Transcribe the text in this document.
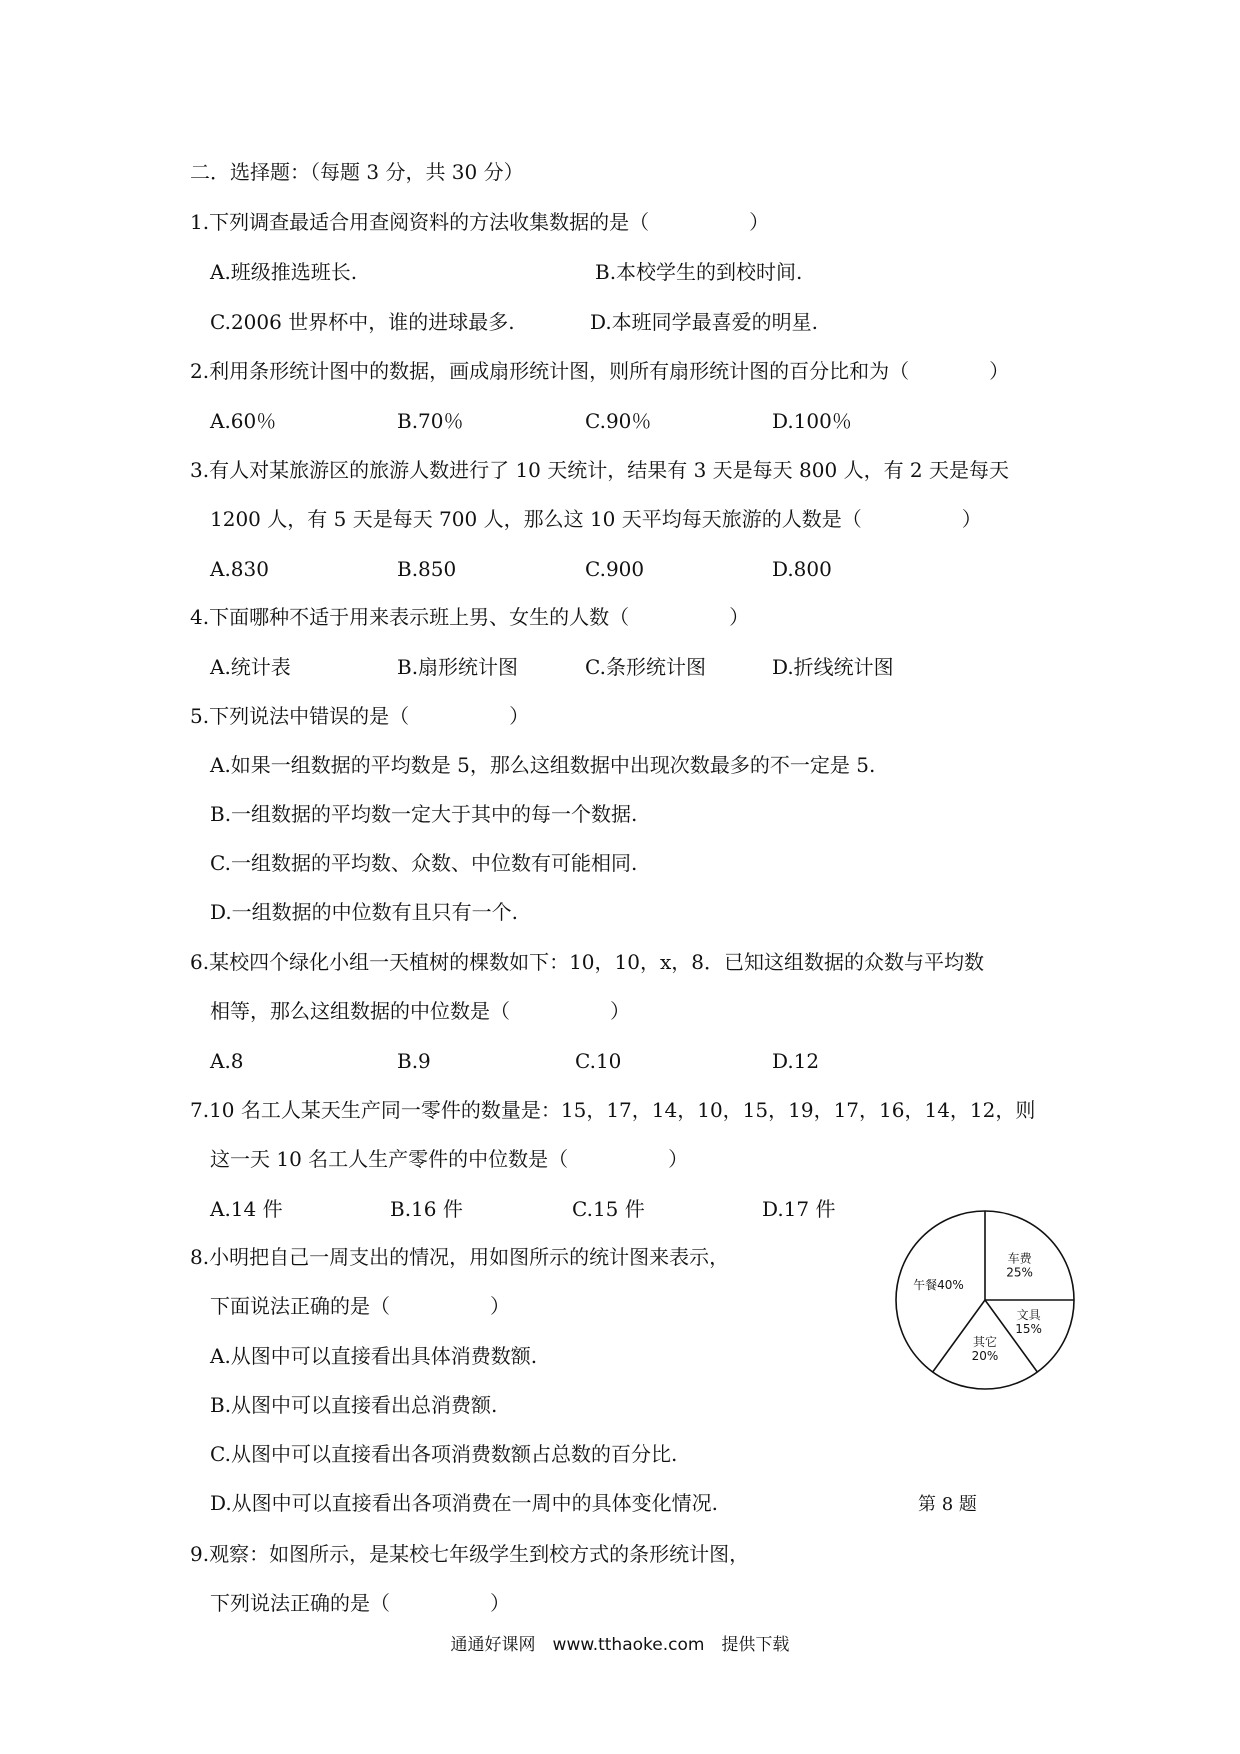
二．选择题：（每题 3 分，共 30 分）
1.下列调查最适合用查阅资料的方法收集数据的是（　　　　　）
A.班级推选班长.	B.本校学生的到校时间.
C.2006 世界杯中，谁的进球最多.	D.本班同学最喜爱的明星.
2.利用条形统计图中的数据，画成扇形统计图，则所有扇形统计图的百分比和为（　　　　）
A.60％	B.70％	C.90％	D.100％
3.有人对某旅游区的旅游人数进行了 10 天统计，结果有 3 天是每天 800 人，有 2 天是每天
1200 人，有 5 天是每天 700 人，那么这 10 天平均每天旅游的人数是（　　　　　）
A.830	B.850	C.900	D.800
4.下面哪种不适于用来表示班上男、女生的人数（　　　　　）
A.统计表	B.扇形统计图	C.条形统计图	D.折线统计图
5.下列说法中错误的是（　　　　　）
A.如果一组数据的平均数是 5，那么这组数据中出现次数最多的不一定是 5.
B.一组数据的平均数一定大于其中的每一个数据.
C.一组数据的平均数、众数、中位数有可能相同.
D.一组数据的中位数有且只有一个.
6.某校四个绿化小组一天植树的棵数如下：10，10，x，8．已知这组数据的众数与平均数
相等，那么这组数据的中位数是（　　　　　）
A.8	B.9	C.10	D.12
7.10 名工人某天生产同一零件的数量是：15，17，14，10，15，19，17，16，14，12，则
这一天 10 名工人生产零件的中位数是（　　　　　）
A.14 件	B.16 件	C.15 件	D.17 件
8.小明把自己一周支出的情况，用如图所示的统计图来表示，
下面说法正确的是（　　　　　）
A.从图中可以直接看出具体消费数额.
B.从图中可以直接看出总消费额.
C.从图中可以直接看出各项消费数额占总数的百分比.
D.从图中可以直接看出各项消费在一周中的具体变化情况.
车费 25%
文具 15%
其它 20%
午餐40%
第 8 题
9.观察：如图所示，是某校七年级学生到校方式的条形统计图，
下列说法正确的是（　　　　　）
通通好课网　www.tthaoke.com　提供下载
